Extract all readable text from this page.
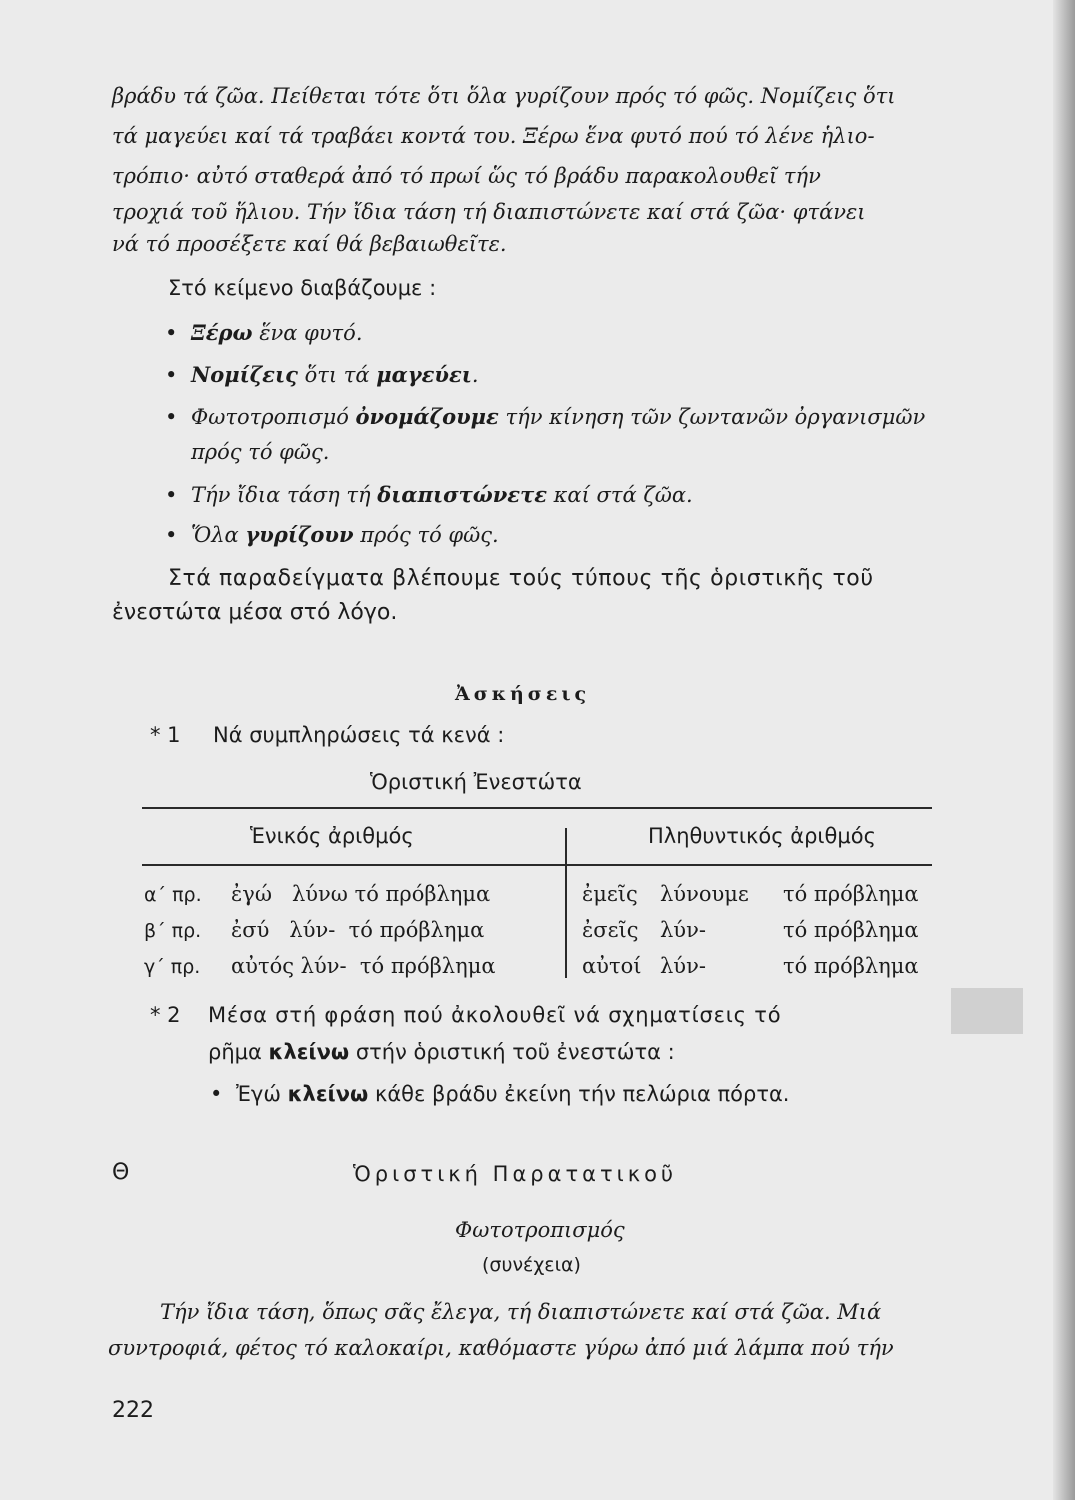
βράδυ τά ζῶα. Πείθεται τότε ὅτι ὅλα γυρίζουν πρός τό φῶς. Νομίζεις ὅτι
τά μαγεύει καί τά τραβάει κοντά του. Ξέρω ἕνα φυτό πού τό λένε ἡλιο-
τρόπιο· αὐτό σταθερά ἀπό τό πρωί ὥς τό βράδυ παρακολουθεῖ τήν
τροχιά τοῦ ἥλιου. Τήν ἴδια τάση τή διαπιστώνετε καί στά ζῶα· φτάνει
νά τό προσέξετε καί θά βεβαιωθεῖτε.
Στό κείμενο διαβάζουμε :
• Ξέρω ἕνα φυτό.
• Νομίζεις ὅτι τά μαγεύει.
• Φωτοτροπισμό ὀνομάζουμε τήν κίνηση τῶν ζωντανῶν ὀργανισμῶν
πρός τό φῶς.
• Τήν ἴδια τάση τή διαπιστώνετε καί στά ζῶα.
• Ὅλα γυρίζουν πρός τό φῶς.
Στά παραδείγματα βλέπουμε τούς τύπους τῆς ὁριστικῆς τοῦ
ἐνεστώτα μέσα στό λόγο.
Ἀσκήσεις
* 1 Νά συμπληρώσεις τά κενά :
Ὁριστική Ἐνεστώτα
Ἑνικός ἀριθμός	Πληθυντικός ἀριθμός
α΄ πρ. ἐγώ   λύνω τό πρόβλημα	ἐμεῖς λύνουμε τό πρόβλημα
β΄ πρ. ἐσύ   λύν-  τό πρόβλημα	ἐσεῖς λύν-	τό πρόβλημα
γ΄ πρ. αὐτός λύν-  τό πρόβλημα	αὐτοί λύν-	τό πρόβλημα
* 2 Μέσα στή φράση πού ἀκολουθεῖ νά σχηματίσεις τό
ρῆμα κλείνω στήν ὁριστική τοῦ ἐνεστώτα :
• Ἐγώ κλείνω κάθε βράδυ ἐκείνη τήν πελώρια πόρτα.
Θ	Ὁριστική Παρατατικοῦ
Φωτοτροπισμός
(συνέχεια)
Τήν ἴδια τάση, ὅπως σᾶς ἔλεγα, τή διαπιστώνετε καί στά ζῶα. Μιά
συντροφιά, φέτος τό καλοκαίρι, καθόμαστε γύρω ἀπό μιά λάμπα πού τήν
222
